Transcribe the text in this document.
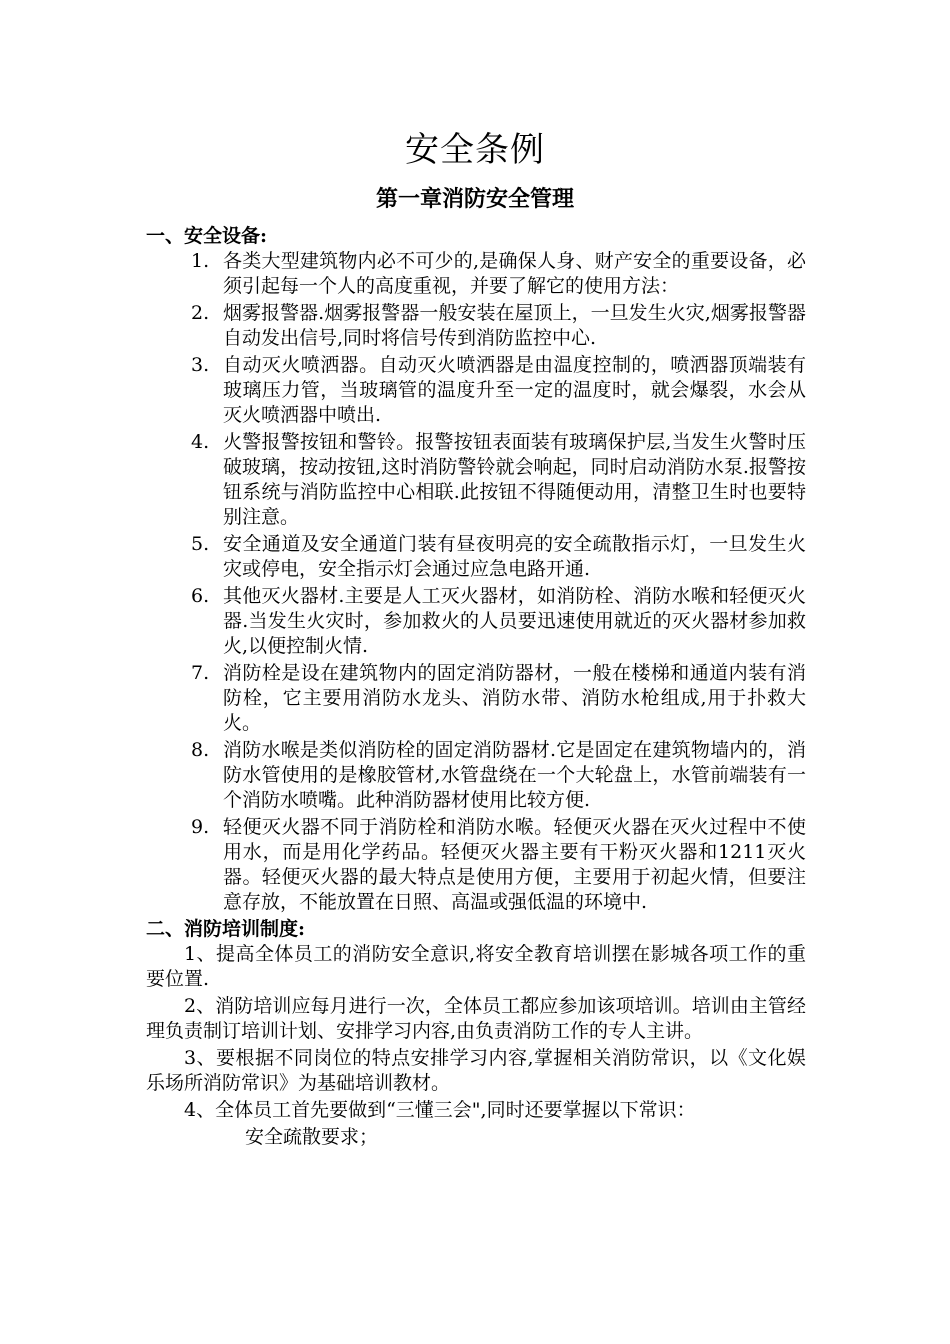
安全条例
第一章消防安全管理
一、安全设备:
1. 各类大型建筑物内必不可少的,是确保人身、财产安全的重要设备，必须引起每一个人的高度重视，并要了解它的使用方法：
2. 烟雾报警器.烟雾报警器一般安装在屋顶上，一旦发生火灾,烟雾报警器自动发出信号,同时将信号传到消防监控中心.
3. 自动灭火喷洒器。自动灭火喷洒器是由温度控制的，喷洒器顶端装有玻璃压力管，当玻璃管的温度升至一定的温度时，就会爆裂，水会从灭火喷洒器中喷出.
4. 火警报警按钮和警铃。报警按钮表面装有玻璃保护层,当发生火警时压破玻璃，按动按钮,这时消防警铃就会响起，同时启动消防水泵.报警按钮系统与消防监控中心相联.此按钮不得随便动用，清整卫生时也要特别注意。
5. 安全通道及安全通道门装有昼夜明亮的安全疏散指示灯，一旦发生火灾或停电，安全指示灯会通过应急电路开通.
6. 其他灭火器材.主要是人工灭火器材，如消防栓、消防水喉和轻便灭火器.当发生火灾时，参加救火的人员要迅速使用就近的灭火器材参加救火,以便控制火情.
7. 消防栓是设在建筑物内的固定消防器材，一般在楼梯和通道内装有消防栓，它主要用消防水龙头、消防水带、消防水枪组成,用于扑救大火。
8. 消防水喉是类似消防栓的固定消防器材.它是固定在建筑物墙内的，消防水管使用的是橡胶管材,水管盘绕在一个大轮盘上，水管前端装有一个消防水喷嘴。此种消防器材使用比较方便.
9. 轻便灭火器不同于消防栓和消防水喉。轻便灭火器在灭火过程中不使用水，而是用化学药品。轻便灭火器主要有干粉灭火器和1211灭火器。轻便灭火器的最大特点是使用方便，主要用于初起火情，但要注意存放，不能放置在日照、高温或强低温的环境中.
二、消防培训制度:

1、提高全体员工的消防安全意识,将安全教育培训摆在影城各项工作的重要位置.

2、消防培训应每月进行一次，全体员工都应参加该项培训。培训由主管经理负责制订培训计划、安排学习内容,由负责消防工作的专人主讲。

3、要根据不同岗位的特点安排学习内容,掌握相关消防常识，以《文化娱乐场所消防常识》为基础培训教材。

4、全体员工首先要做到“三懂三会",同时还要掌握以下常识：

安全疏散要求；
